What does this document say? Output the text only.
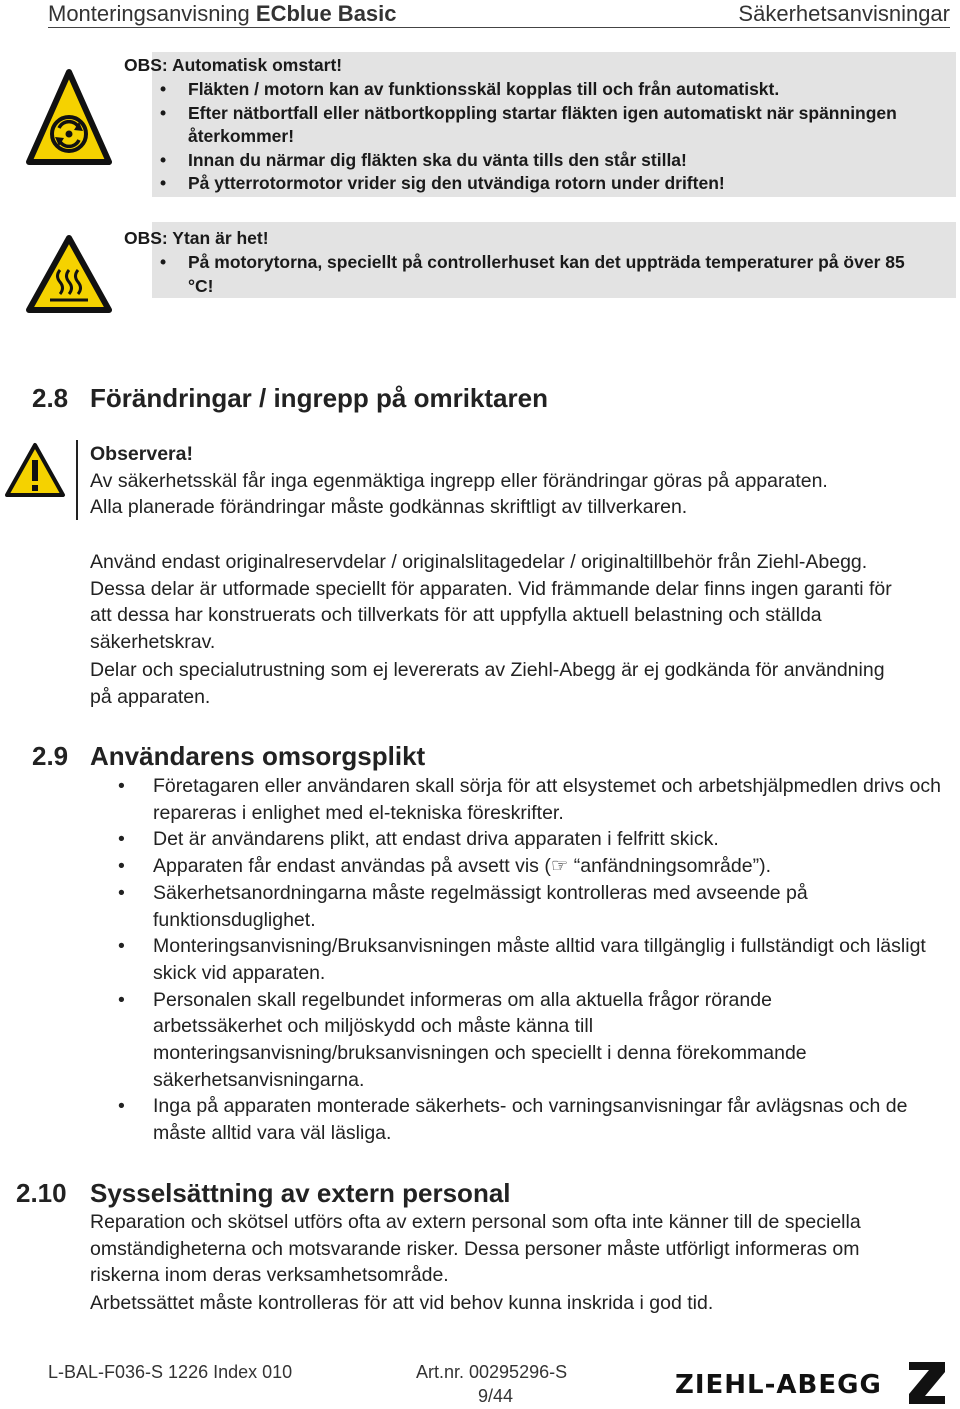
Monteringsanvisning ECblue Basic	Säkerhetsanvisningar
OBS: Automatisk omstart!
• Fläkten / motorn kan av funktionsskäl kopplas till och från automatiskt.
• Efter nätbortfall eller nätbortkoppling startar fläkten igen automatiskt när spänningen återkommer!
• Innan du närmar dig fläkten ska du vänta tills den står stilla!
• På ytterrotormotor vrider sig den utvändiga rotorn under driften!
OBS: Ytan är het!
• På motorytorna, speciellt på controllerhuset kan det uppträda temperaturer på över 85 °C!
2.8 Förändringar / ingrepp på omriktaren
Observera!
Av säkerhetsskäl får inga egenmäktiga ingrepp eller förändringar göras på apparaten.
Alla planerade förändringar måste godkännas skriftligt av tillverkaren.
Använd endast originalreservdelar / originalslitagedelar / originaltillbehör från Ziehl-Abegg. Dessa delar är utformade speciellt för apparaten. Vid främmande delar finns ingen garanti för att dessa har konstruerats och tillverkats för att uppfylla aktuell belastning och ställda säkerhetskrav.
Delar och specialutrustning som ej levererats av Ziehl-Abegg är ej godkända för användning på apparaten.
2.9 Användarens omsorgsplikt
• Företagaren eller användaren skall sörja för att elsystemet och arbetshjälpmedlen drivs och repareras i enlighet med el-tekniska föreskrifter.
• Det är användarens plikt, att endast driva apparaten i felfritt skick.
• Apparaten får endast användas på avsett vis (☞ “anfändningsområde”).
• Säkerhetsanordningarna måste regelmässigt kontrolleras med avseende på funktionsduglighet.
• Monteringsanvisning/Bruksanvisningen måste alltid vara tillgänglig i fullständigt och läsligt skick vid apparaten.
• Personalen skall regelbundet informeras om alla aktuella frågor rörande arbetssäkerhet och miljöskydd och måste känna till monteringsanvisning/bruksanvisningen och speciellt i denna förekommande säkerhetsanvisningarna.
• Inga på apparaten monterade säkerhets- och varningsanvisningar får avlägsnas och de måste alltid vara väl läsliga.
2.10 Sysselsättning av extern personal
Reparation och skötsel utförs ofta av extern personal som ofta inte känner till de speciella omständigheterna och motsvarande risker. Dessa personer måste utförligt informeras om riskerna inom deras verksamhetsområde.
Arbetssättet måste kontrolleras för att vid behov kunna inskrida i god tid.
L-BAL-F036-S 1226 Index 010	Art.nr. 00295296-S
9/44	ZIEHL-ABEGG
